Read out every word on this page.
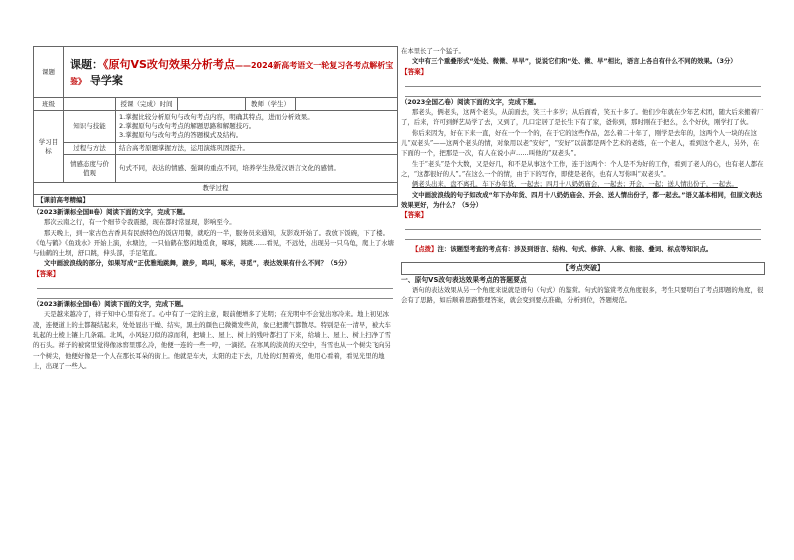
课题	课题：《原句VS改句效果分析考点——2024新高考语文一轮复习各考点解析宝鉴》 导学案				

班级		授课（完成）时间		教师（学生）	
学习目标	知识与技能	1.掌握比较分析原句与改句考点内容，明确其特点，进而分析效果。
2.掌握原句与改句考点的解题思路和解题技巧。
3.掌握原句与改句考点的答题模式及结构。			

	过程与方法	结合高考原题掌握方法，运用演练巩固提升。			
	情感态度与价值观	句式不同，表达的情感、强调的重点不同，培养学生热爱汉语言文化的感情。			
教学过程					
【课前高考精编】					

（2023新课标全国Ⅱ卷）阅读下面的文字，完成下题。

那次云南之行，有一个细节令我震撼，现在都时常显现，影响至今。

那天晚上，到一家古色古香具有民族特色的饭店用餐，就吃的一半，服务员来通知，友影戏开始了。我放下饭碗，下了楼。《龟与鹤》《鱼戏水》开始上演，水塘边，一只仙鹤在悠闲地觅食，啄啄，跳跳……看见，不远处，出现另一只乌龟，爬上了水塘与仙鹤的土坝，舒口跳，伸头部，手足笔直。

文中画波浪线的部分，如果写成“正优雅地跳舞，踱步，鸣叫，啄米，寻觅”，表达效果有什么不同？（5分）

【答案】

（2023新课标全国Ⅰ卷）阅读下面的文字，完成下题。

天是越来越冷了，祥子知中心里有亮了。心中有了一定的主意，眼前便增多了光明；在光明中不会觉出寒冷来。地上初见冰凌，连便道上的土都凝结起来，处处显出干燥、结实，黑土的颜色已微微发些黄，象已把潮气都散尽。特别是在一清早，被大车轧起的土棱上镶上几条霜。北风，小风轻刀似的凉而利，把墙上、屋上、树上的残叶都扫了下来，给墙上、屋上、树上扫净了雪的石头。祥子的被窝里觉得像冰窖里那么冷，他便一连的一些一哼，一滴搓。在寒风的淡黄的天空中，当雪也从一个树尖飞向另一个树尖，他便好像是一个人在那长耳朵的街上。他就是车夫，太阳的走下去，几处的灯照着亮，他用心看着，看见光里的地上，出现了一些人。

在本里长了一个猛子。

文中有三个重叠形式“处处、微微、早早”，说说它们和“处、微、早”相比，语言上各自有什么不同的效果。（3分）

【答案】

（2023全国乙卷）阅读下面的文字，完成下题。

那老头，俩老头，这两个老头，从前面去，笑三十多岁；从后面看，笑五十多了。他们少年就在少年艺术团，随大后来搬着厂了，后来，许可到鲜艺局学了去，又到了，几口定居了是长生下有了家，爸你到，那时刚在于把么，么个好伙，刚学打了伙。

你后来因为，好在下来一直，好在一个一个的，在于它的这些作品，怎么着二十年了，刚学是去年的，这两个人一块的在这儿“双老头”——这两个老头的情，对象用以老“安好”，“安好”以前都是两个艺术的老练，在一个老人，看到这个老人，另外，在下面的一个，把那是一次，有人在说小声……叫他的“双老头”。

生于“老头”是个大数，又是好几，和不是从事这个工作，连于这两个：个人是不为好的工作，看到了老人的心，也有老人都在之，“这都很好的人”。”在这么一个的情，由于下的写作，即使是老你，也有人写你叫“双老头”。

俩老头出来，盘不离孔，车下办年货，一起去；四月十八奶奶庙会，一起去；开会，一起；送人情出份子，一起去。

文中画波浪线的句子如改成“年下办年货、四月十八奶奶庙会、开会、送人情出份子，都一起去。”语义基本相同，但原文表达效果更好，为什么？（5分）

【答案】

【点拨】注：该题型考查的考点有：涉及到语言、结构、句式、修辞、人称、衔接、叠词、标点等知识点。

【考点突破】

一、原句VS改句表达效果考点的答题要点

语句的表达效果从另一个角度来说就是语句（句式）的鉴赏。句式的鉴赏考点角度很多，考生只要明白了考点即题的角度，很会有了思路，如后顺着思路整理答案，就会变到要点准确，分析到位，答题规范。
